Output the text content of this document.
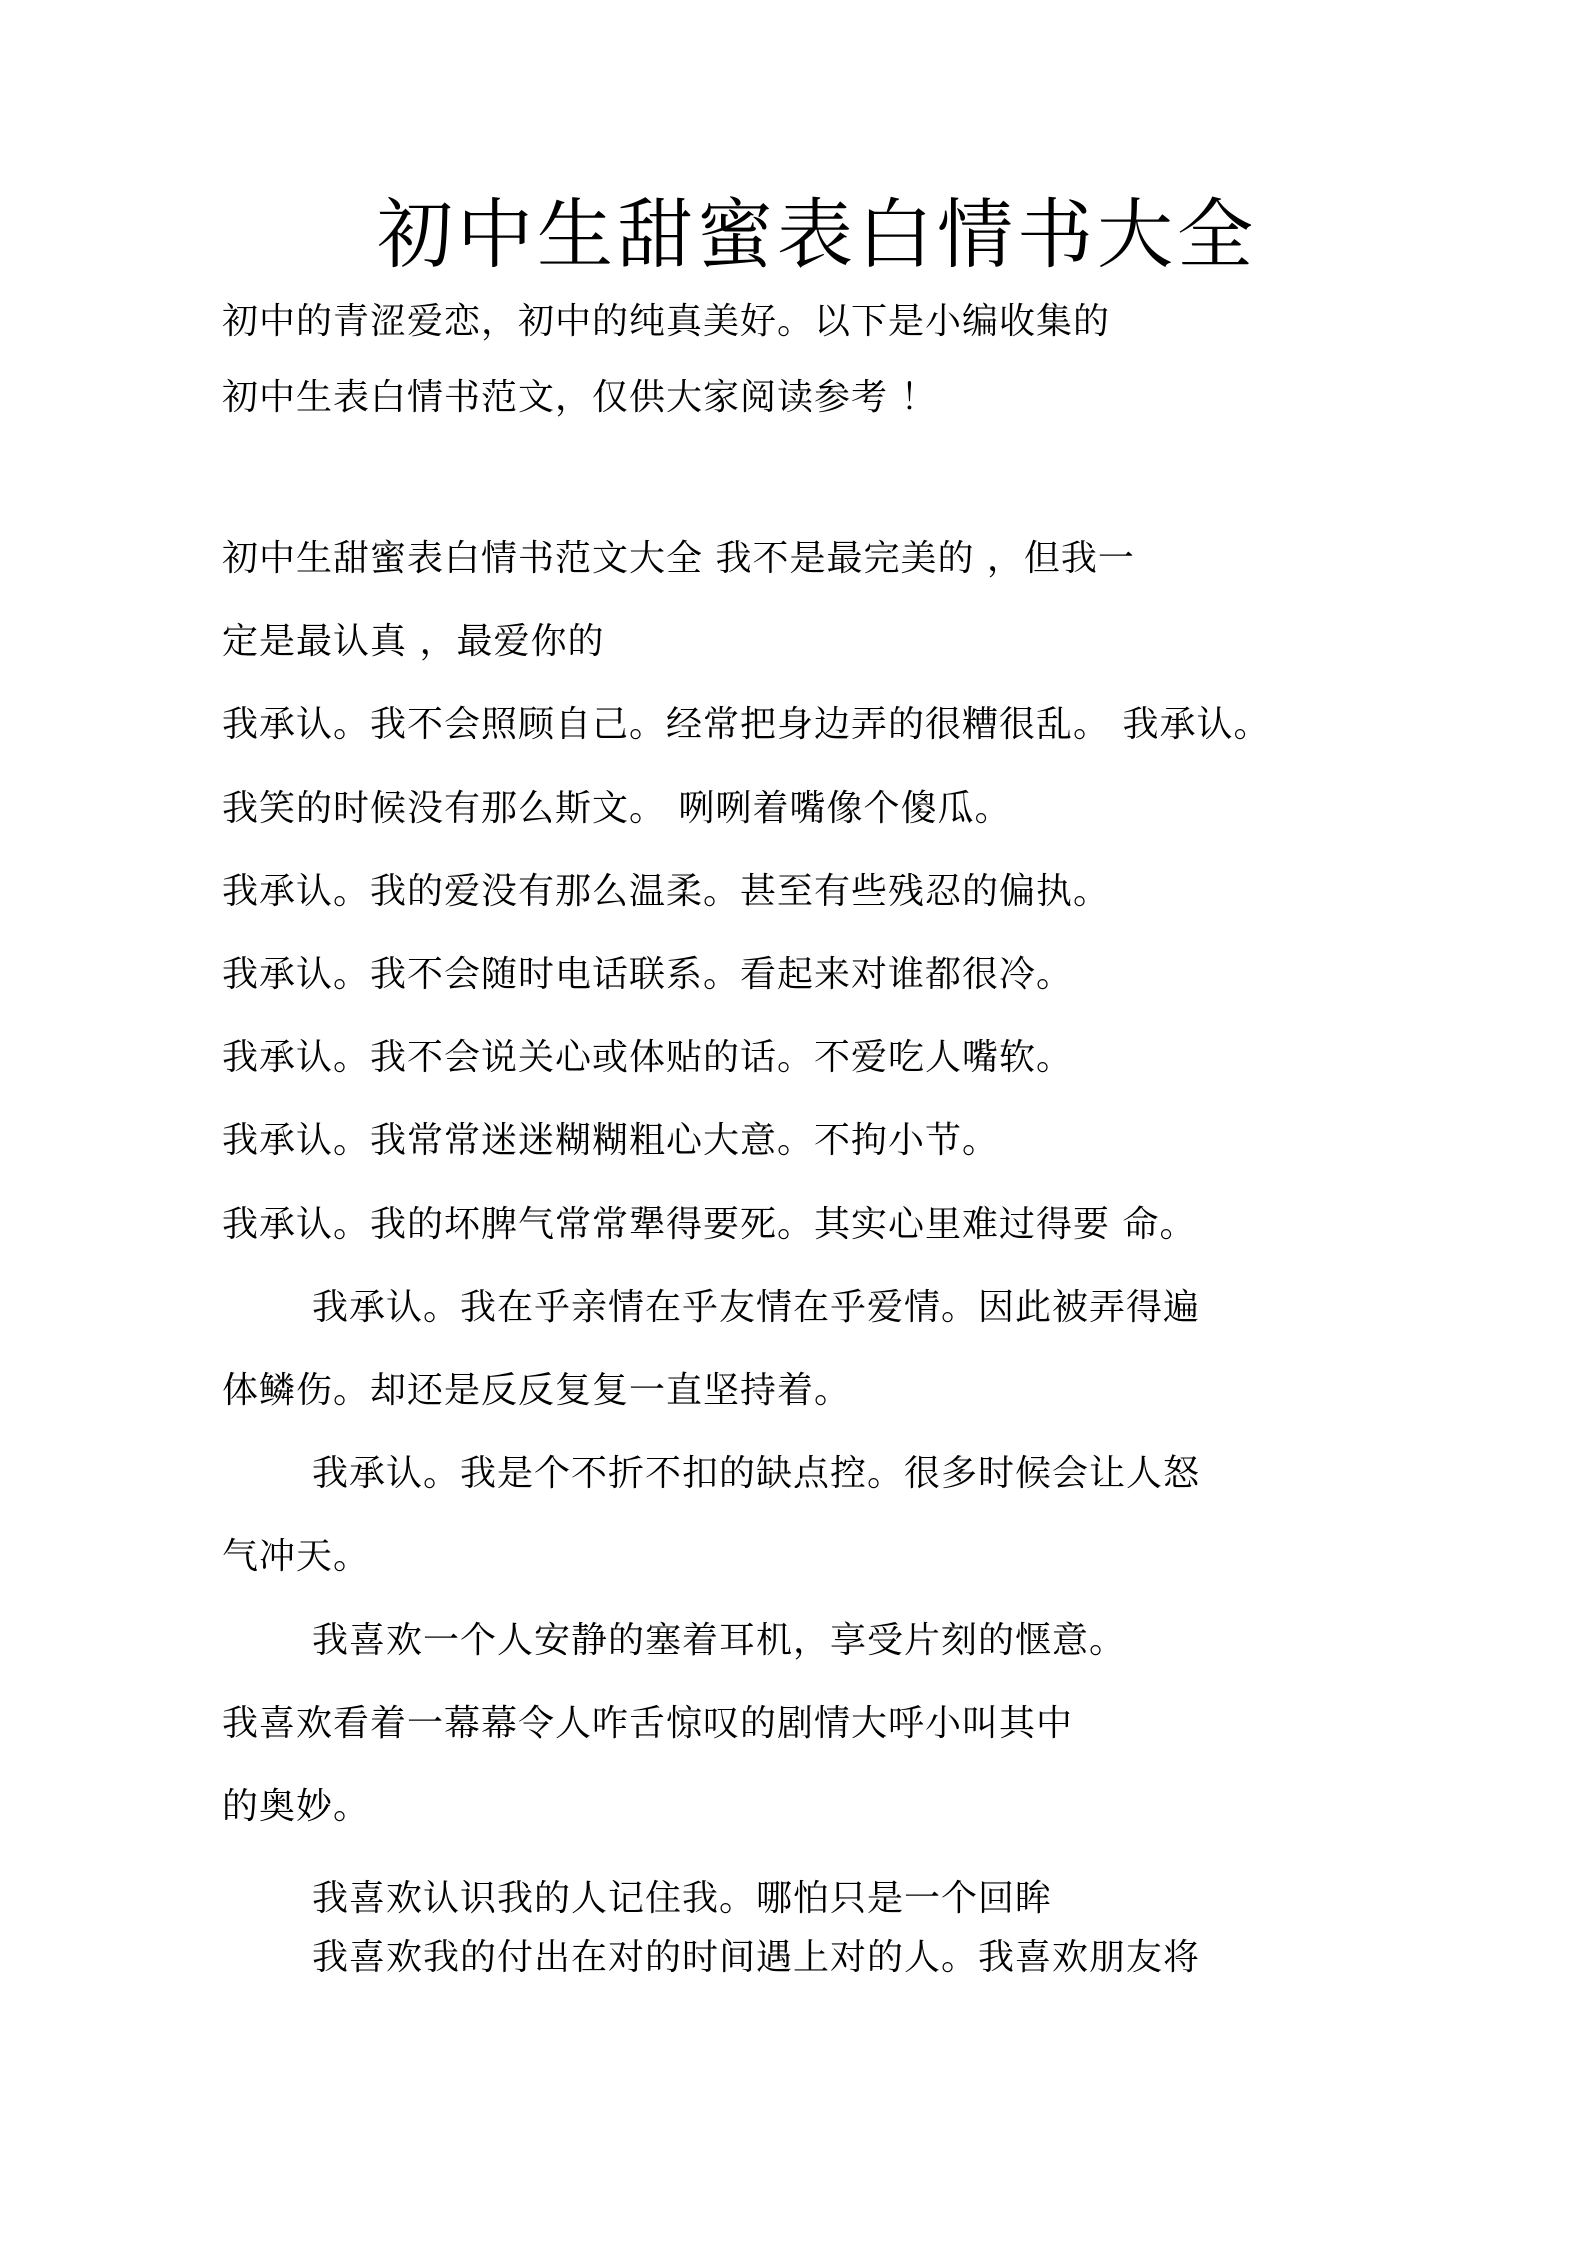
初中生甜蜜表白情书大全
初中的青涩爱恋，初中的纯真美好。以下是小编收集的
初中生表白情书范文，仅供大家阅读参考 ！
初中生甜蜜表白情书范文大全 我不是最完美的 ，但我一
定是最认真 ，最爱你的
我承认。我不会照顾自己。经常把身边弄的很糟很乱。 我承认。
我笑的时候没有那么斯文。 咧咧着嘴像个傻瓜。
我承认。我的爱没有那么温柔。甚至有些残忍的偏执。
我承认。我不会随时电话联系。看起来对谁都很冷。
我承认。我不会说关心或体贴的话。不爱吃人嘴软。
我承认。我常常迷迷糊糊粗心大意。不拘小节。
我承认。我的坏脾气常常犟得要死。其实心里难过得要 命。
我承认。我在乎亲情在乎友情在乎爱情。因此被弄得遍
体鳞伤。却还是反反复复一直坚持着。
我承认。我是个不折不扣的缺点控。很多时候会让人怒
气冲天。
我喜欢一个人安静的塞着耳机，享受片刻的惬意。
我喜欢看着一幕幕令人咋舌惊叹的剧情大呼小叫其中
的奥妙。
我喜欢认识我的人记住我。哪怕只是一个回眸
我喜欢我的付出在对的时间遇上对的人。我喜欢朋友将
